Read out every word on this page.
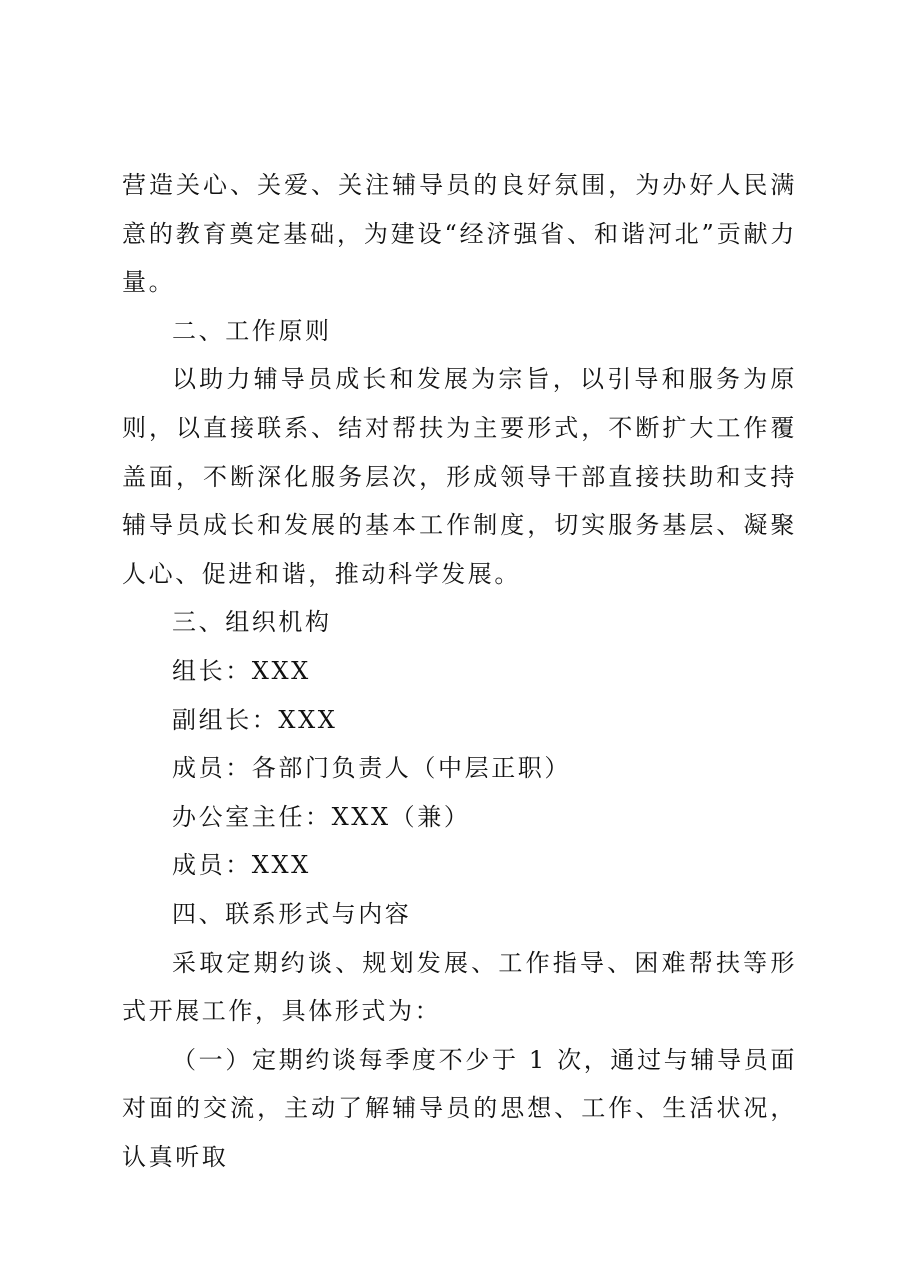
营造关心、关爱、关注辅导员的良好氛围，为办好人民满意的教育奠定基础，为建设“经济强省、和谐河北”贡献力量。

二、工作原则

以助力辅导员成长和发展为宗旨，以引导和服务为原则，以直接联系、结对帮扶为主要形式，不断扩大工作覆盖面，不断深化服务层次，形成领导干部直接扶助和支持辅导员成长和发展的基本工作制度，切实服务基层、凝聚人心、促进和谐，推动科学发展。

三、组织机构

组长：XXX

副组长：XXX

成员：各部门负责人（中层正职）

办公室主任：XXX（兼）

成员：XXX

四、联系形式与内容

采取定期约谈、规划发展、工作指导、困难帮扶等形式开展工作，具体形式为：

（一）定期约谈每季度不少于 1 次，通过与辅导员面对面的交流，主动了解辅导员的思想、工作、生活状况，认真听取
